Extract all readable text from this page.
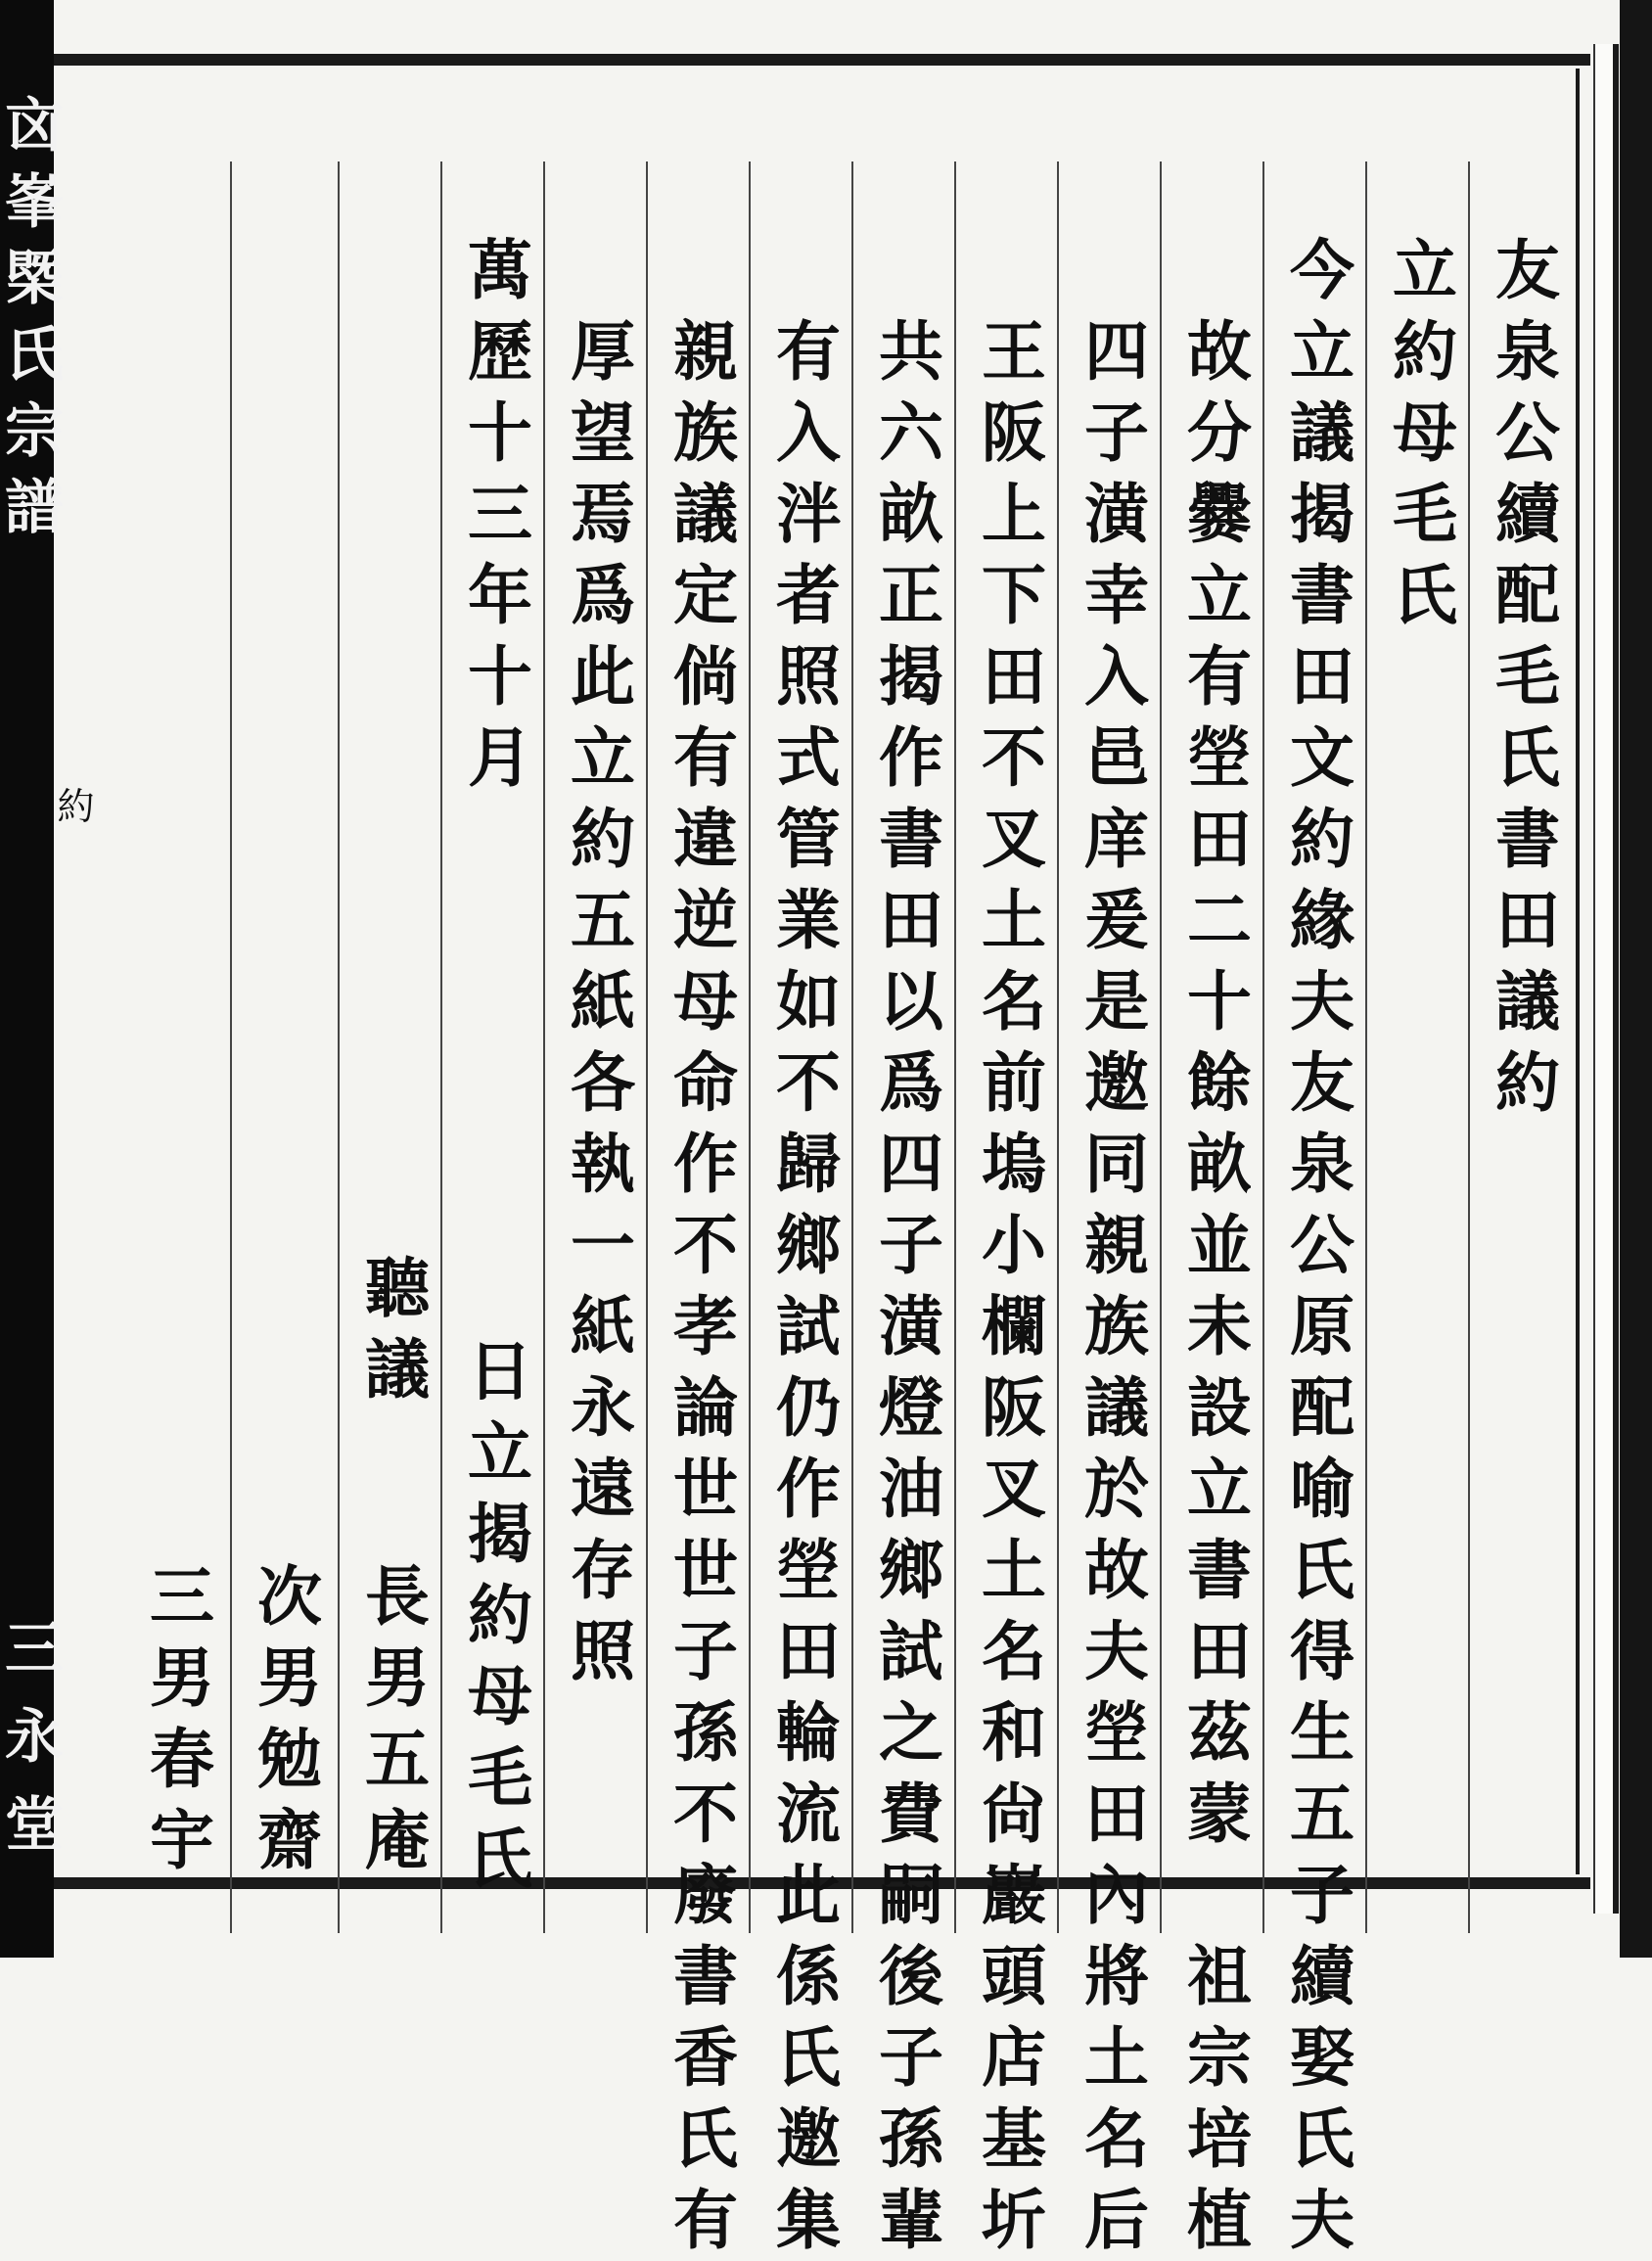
㐫
峯
㮣
氏
宗
譜
約
三
永
堂
友
泉
公
續
配
毛
氏
書
田
議
約
立
約
母
毛
氏
今
立
議
揭
書
田
文
約
緣
夫
友
泉
公
原
配
喻
氏
得
生
五
子
續
娶
氏
夫
故
分
爨
立
有
塋
田
二
十
餘
畝
並
未
設
立
書
田
茲
蒙

祖
宗
培
植
四
子
潢
幸
入
邑
庠
爰
是
邀
同
親
族
議
於
故
夫
塋
田
內
將
土
名
后
王
阪
上
下
田
不
叉
土
名
前
塢
小
欄
阪
叉
土
名
和
尙
巖
頭
店
基
圻
共
六
畝
正
揭
作
書
田
以
爲
四
子
潢
燈
油
鄉
試
之
費
嗣
後
子
孫
輩
有
入
泮
者
照
式
管
業
如
不
歸
鄉
試
仍
作
塋
田
輪
流
此
係
氏
邀
集
親
族
議
定
倘
有
違
逆
母
命
作
不
孝
論
世
世
子
孫
不
廢
書
香
氏
有
厚
望
焉
爲
此
立
約
五
紙
各
執
一
紙
永
遠
存
照
萬
歷
十
三
年
十
月
日
立
揭
約
母
毛
氏
聽
議
長
男
五
庵
次
男
勉
齋
三
男
春
宇
